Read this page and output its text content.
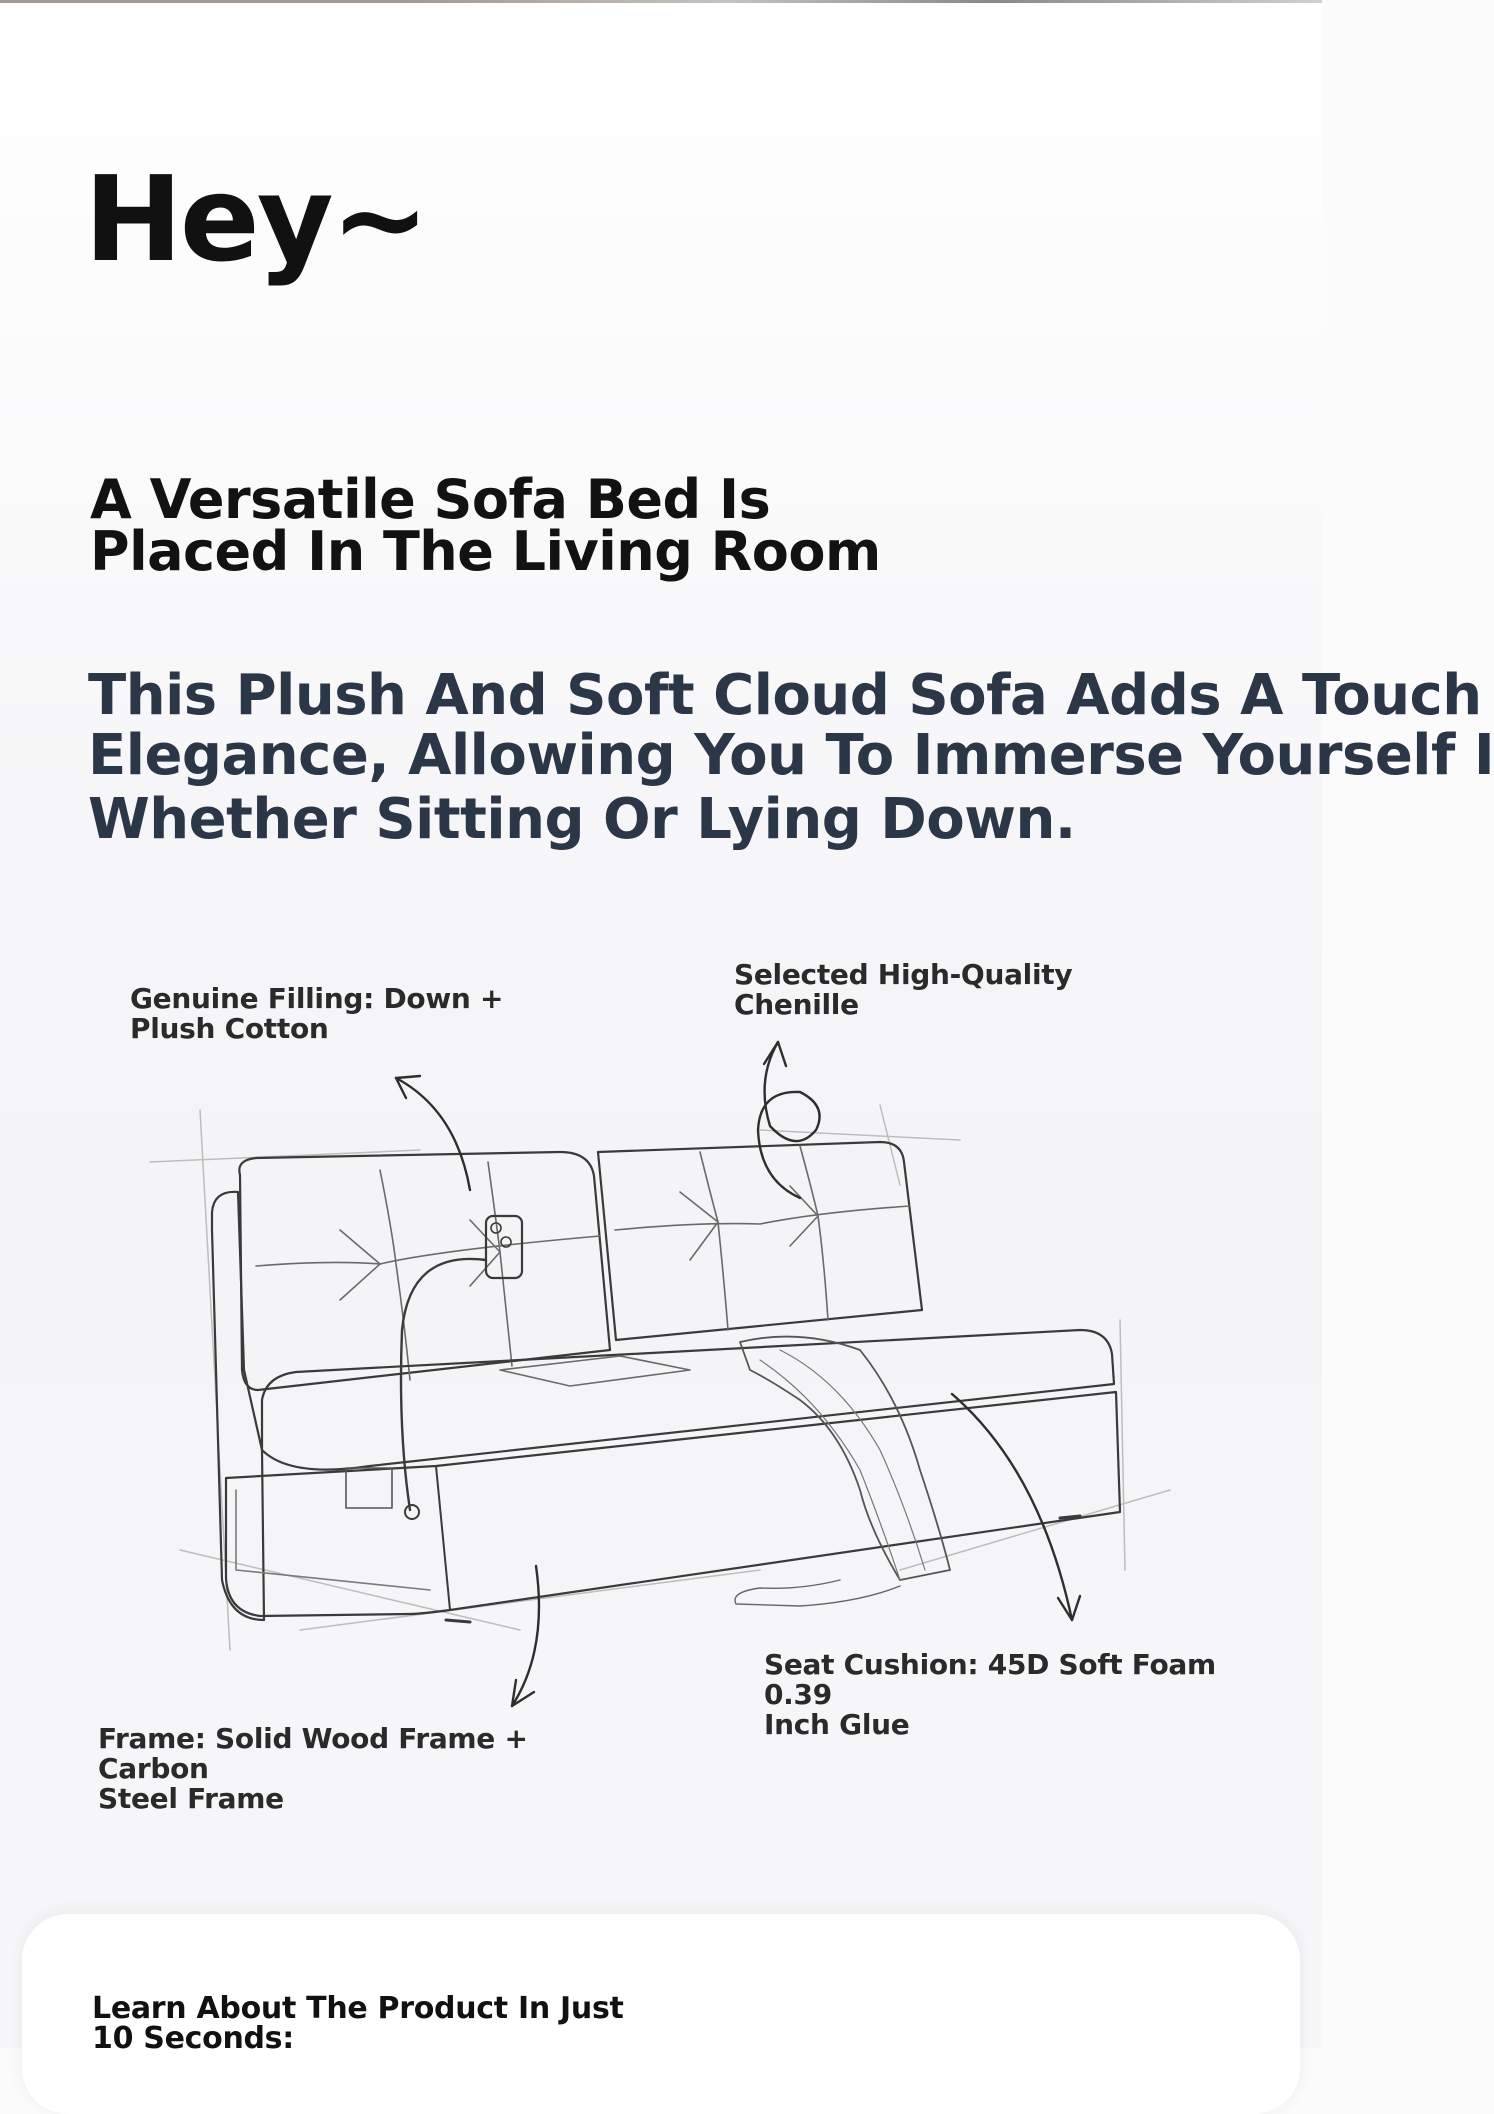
Hey~
A Versatile Sofa Bed Is
Placed In The Living Room
This Plush And Soft Cloud Sofa Adds A Touch
Elegance, Allowing You To Immerse Yourself I
Whether Sitting Or Lying Down.
Genuine Filling: Down +
Plush Cotton
Selected High-Quality
Chenille
Seat Cushion: 45D Soft Foam 0.39
Inch Glue
Frame: Solid Wood Frame + Carbon
Steel Frame
Learn About The Product In Just
10 Seconds:
